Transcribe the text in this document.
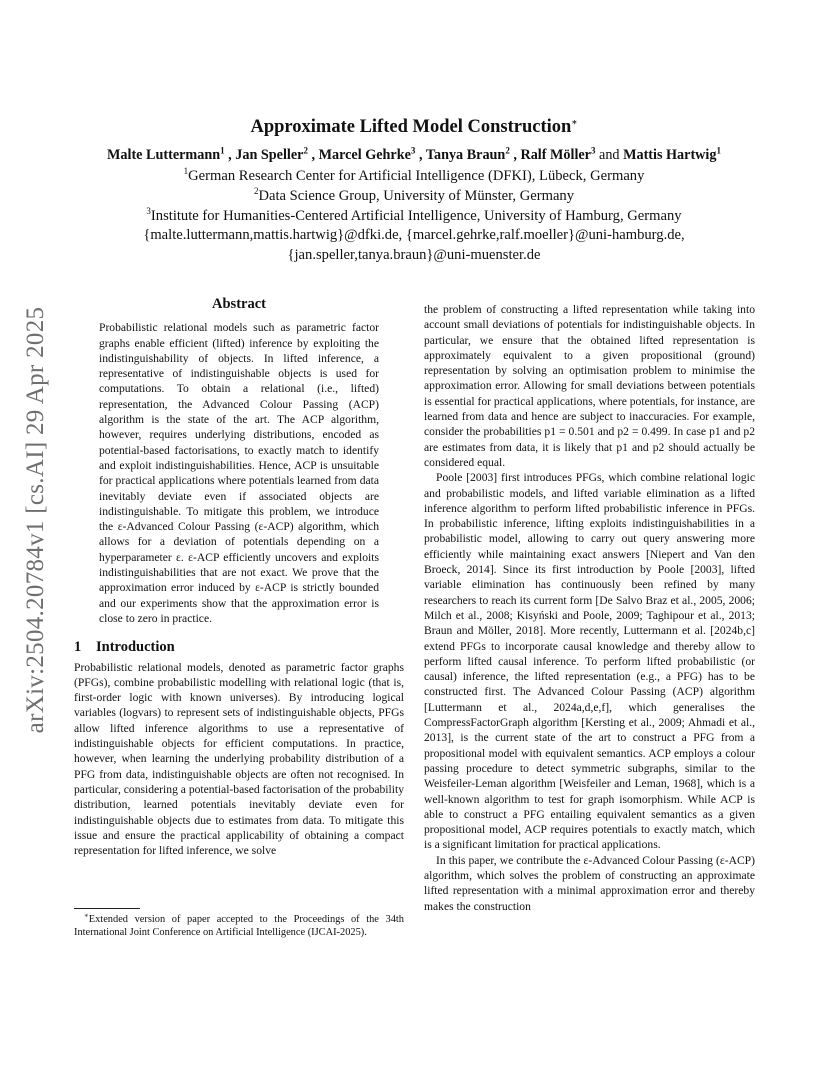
arXiv:2504.20784v1 [cs.AI] 29 Apr 2025
Approximate Lifted Model Construction∗
Malte Luttermann$^1$ , Jan Speller$^2$ , Marcel Gehrke$^3$ , Tanya Braun$^2$ , Ralf Möller$^3$ and Mattis Hartwig$^1$
$^1$German Research Center for Artificial Intelligence (DFKI), Lübeck, Germany
$^2$Data Science Group, University of Münster, Germany
$^3$Institute for Humanities-Centered Artificial Intelligence, University of Hamburg, Germany
{malte.luttermann,mattis.hartwig}@dfki.de, {marcel.gehrke,ralf.moeller}@uni-hamburg.de,
{jan.speller,tanya.braun}@uni-muenster.de
Abstract

Probabilistic relational models such as parametric factor graphs enable efficient (lifted) inference by exploiting the indistinguishability of objects. In lifted inference, a representative of indistinguishable objects is used for computations. To obtain a relational (i.e., lifted) representation, the Advanced Colour Passing (ACP) algorithm is the state of the art. The ACP algorithm, however, requires underlying distributions, encoded as potential-based factorisations, to exactly match to identify and exploit indistinguishabilities. Hence, ACP is unsuitable for practical applications where potentials learned from data inevitably deviate even if associated objects are indistinguishable. To mitigate this problem, we introduce the ε-Advanced Colour Passing (ε-ACP) algorithm, which allows for a deviation of potentials depending on a hyperparameter ε. ε-ACP efficiently uncovers and exploits indistinguishabilities that are not exact. We prove that the approximation error induced by ε-ACP is strictly bounded and our experiments show that the approximation error is close to zero in practice.

1 Introduction

Probabilistic relational models, denoted as parametric factor graphs (PFGs), combine probabilistic modelling with relational logic (that is, first-order logic with known universes). By introducing logical variables (logvars) to represent sets of indistinguishable objects, PFGs allow lifted inference algorithms to use a representative of indistinguishable objects for efficient computations. In practice, however, when learning the underlying probability distribution of a PFG from data, indistinguishable objects are often not recognised. In particular, considering a potential-based factorisation of the probability distribution, learned potentials inevitably deviate even for indistinguishable objects due to estimates from data. To mitigate this issue and ensure the practical applicability of obtaining a compact representation for lifted inference, we solve

the problem of constructing a lifted representation while taking into account small deviations of potentials for indistinguishable objects. In particular, we ensure that the obtained lifted representation is approximately equivalent to a given propositional (ground) representation by solving an optimisation problem to minimise the approximation error. Allowing for small deviations between potentials is essential for practical applications, where potentials, for instance, are learned from data and hence are subject to inaccuracies. For example, consider the probabilities p1 = 0.501 and p2 = 0.499. In case p1 and p2 are estimates from data, it is likely that p1 and p2 should actually be considered equal.

Poole [2003] first introduces PFGs, which combine relational logic and probabilistic models, and lifted variable elimination as a lifted inference algorithm to perform lifted probabilistic inference in PFGs. In probabilistic inference, lifting exploits indistinguishabilities in a probabilistic model, allowing to carry out query answering more efficiently while maintaining exact answers [Niepert and Van den Broeck, 2014]. Since its first introduction by Poole [2003], lifted variable elimination has continuously been refined by many researchers to reach its current form [De Salvo Braz et al., 2005, 2006; Milch et al., 2008; Kisyński and Poole, 2009; Taghipour et al., 2013; Braun and Möller, 2018]. More recently, Luttermann et al. [2024b,c] extend PFGs to incorporate causal knowledge and thereby allow to perform lifted causal inference. To perform lifted probabilistic (or causal) inference, the lifted representation (e.g., a PFG) has to be constructed first. The Advanced Colour Passing (ACP) algorithm [Luttermann et al., 2024a,d,e,f], which generalises the CompressFactorGraph algorithm [Kersting et al., 2009; Ahmadi et al., 2013], is the current state of the art to construct a PFG from a propositional model with equivalent semantics. ACP employs a colour passing procedure to detect symmetric subgraphs, similar to the Weisfeiler-Leman algorithm [Weisfeiler and Leman, 1968], which is a well-known algorithm to test for graph isomorphism. While ACP is able to construct a PFG entailing equivalent semantics as a given propositional model, ACP requires potentials to exactly match, which is a significant limitation for practical applications.

In this paper, we contribute the ε-Advanced Colour Passing (ε-ACP) algorithm, which solves the problem of constructing an approximate lifted representation with a minimal approximation error and thereby makes the construction

∗Extended version of paper accepted to the Proceedings of the 34th International Joint Conference on Artificial Intelligence (IJCAI-2025).
